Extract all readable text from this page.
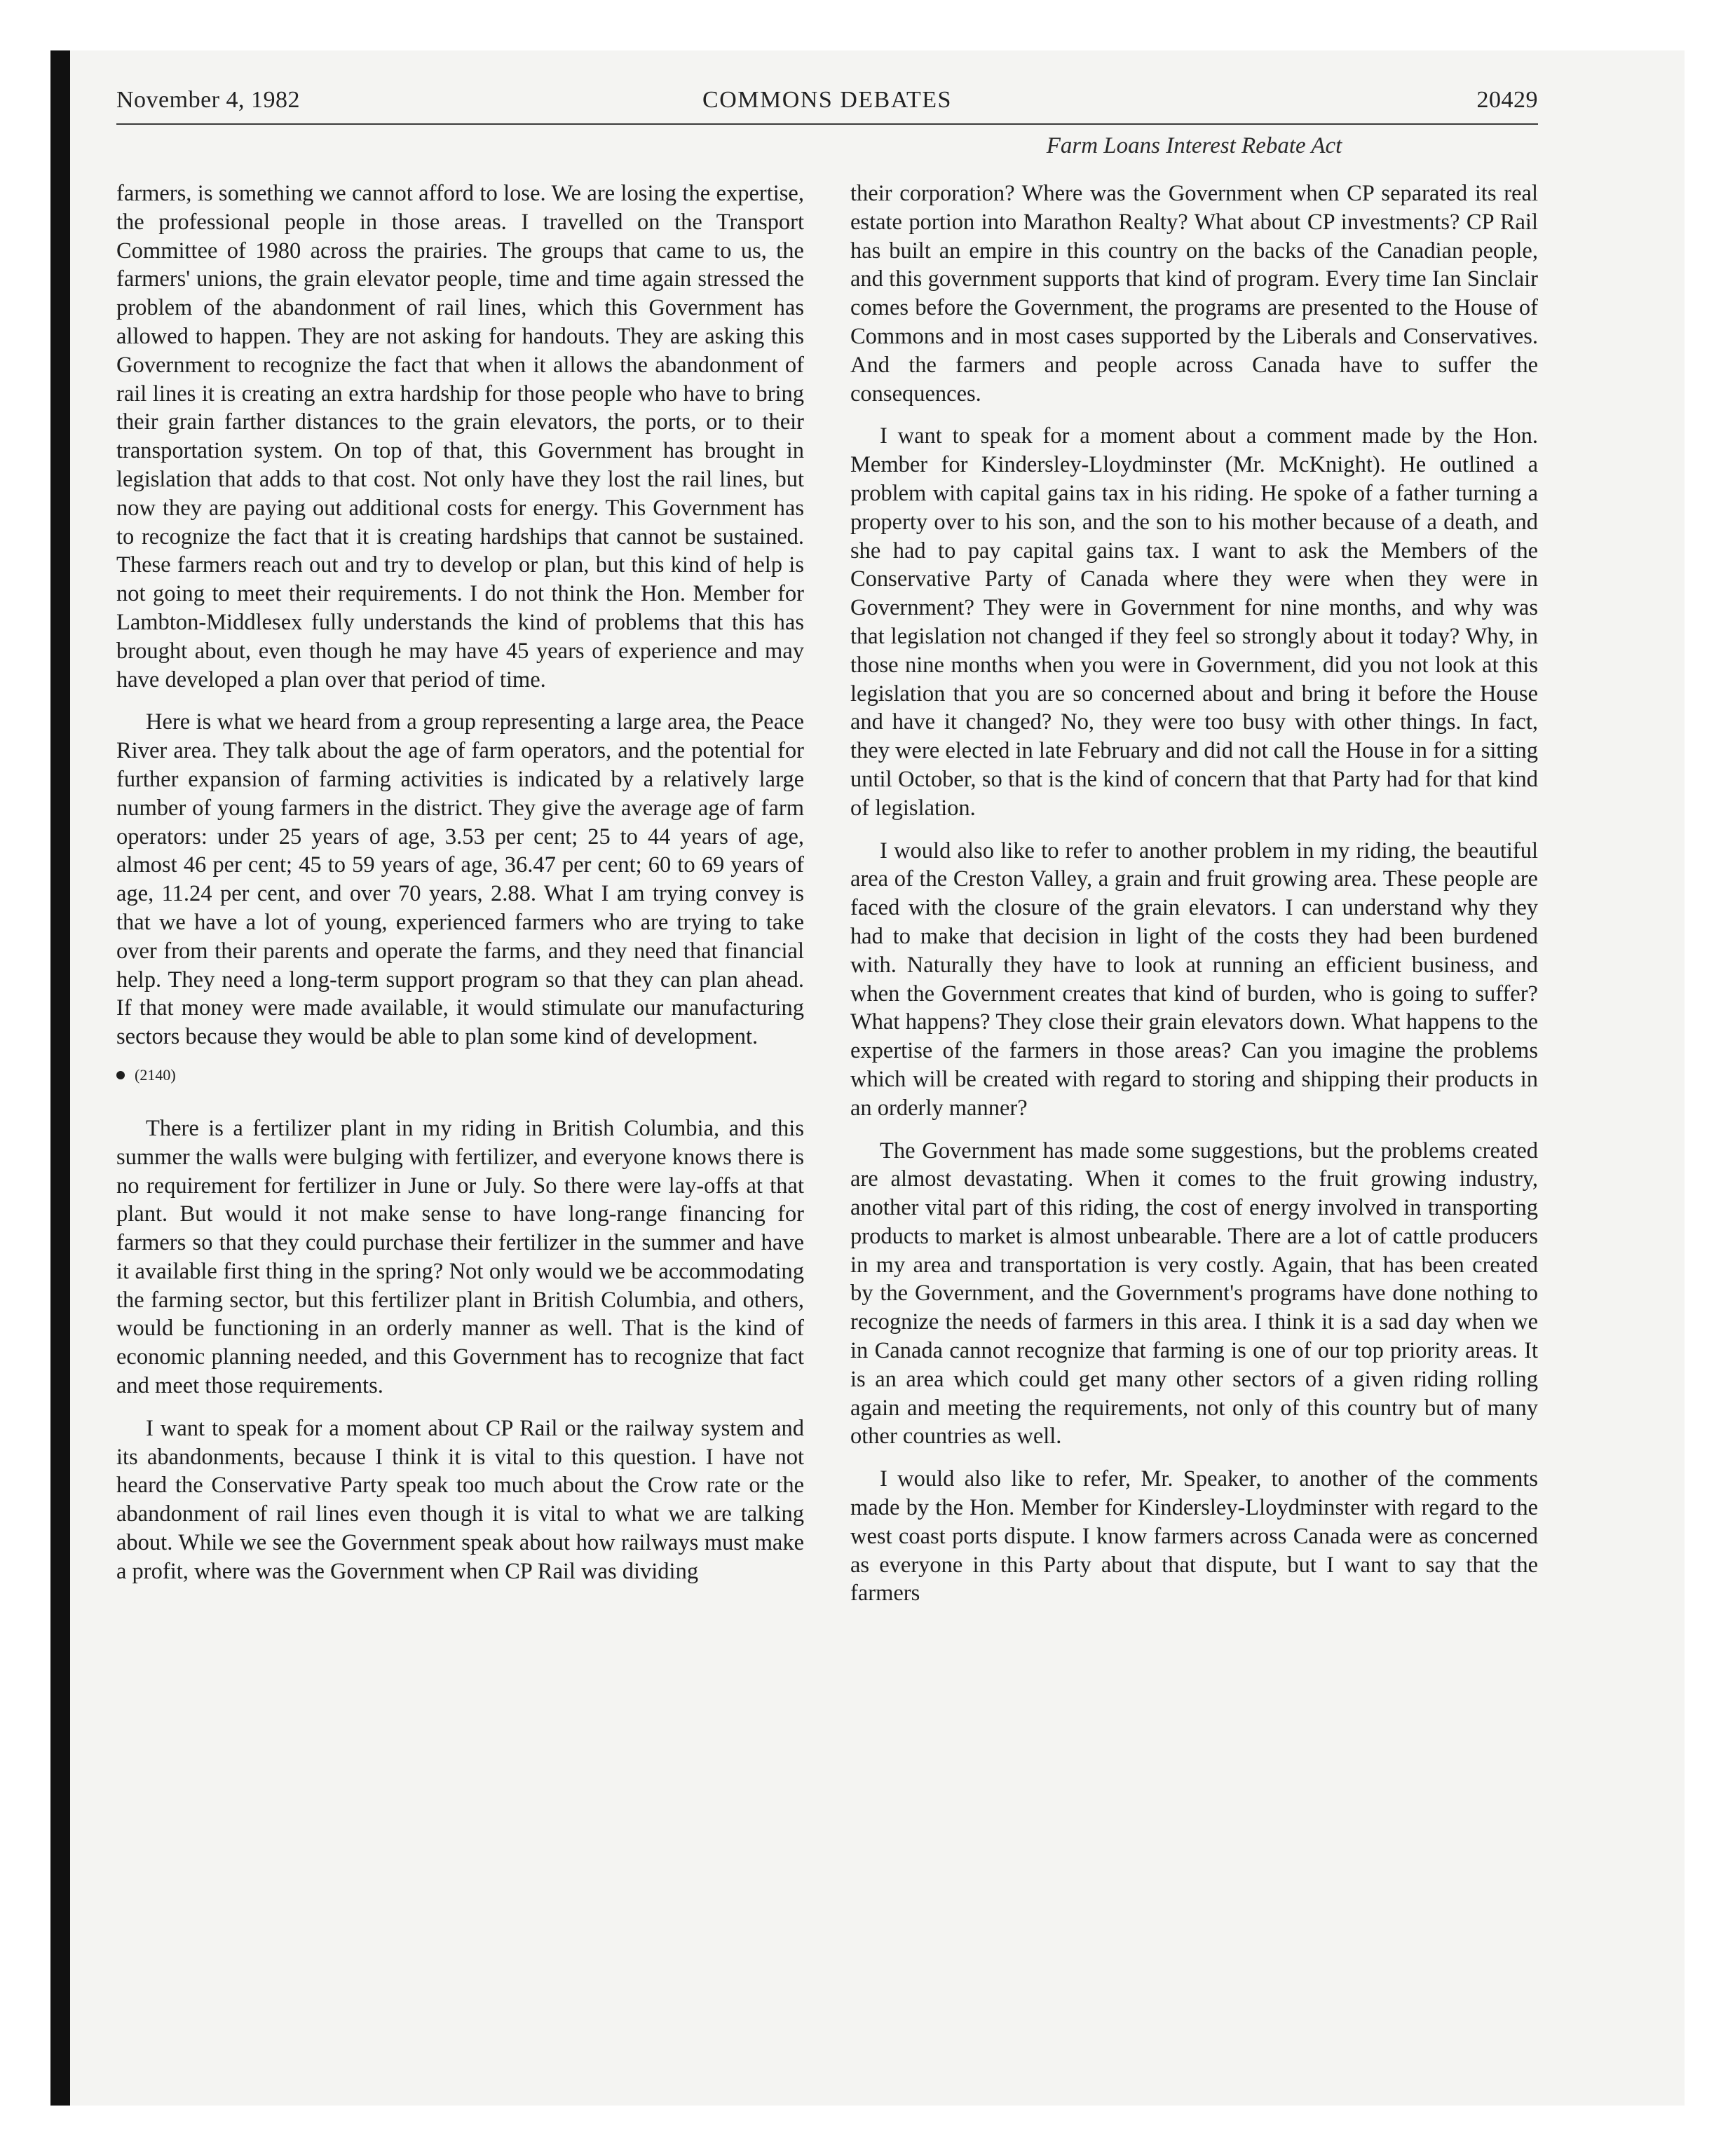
November 4, 1982	COMMONS DEBATES	20429
Farm Loans Interest Rebate Act

farmers, is something we cannot afford to lose. We are losing the expertise, the professional people in those areas. I travelled on the Transport Committee of 1980 across the prairies. The groups that came to us, the farmers' unions, the grain elevator people, time and time again stressed the problem of the abandonment of rail lines, which this Government has allowed to happen. They are not asking for handouts. They are asking this Government to recognize the fact that when it allows the abandonment of rail lines it is creating an extra hardship for those people who have to bring their grain farther distances to the grain elevators, the ports, or to their transportation system. On top of that, this Government has brought in legislation that adds to that cost. Not only have they lost the rail lines, but now they are paying out additional costs for energy. This Government has to recognize the fact that it is creating hardships that cannot be sustained. These farmers reach out and try to develop or plan, but this kind of help is not going to meet their requirements. I do not think the Hon. Member for Lambton-Middlesex fully understands the kind of problems that this has brought about, even though he may have 45 years of experience and may have developed a plan over that period of time.

Here is what we heard from a group representing a large area, the Peace River area. They talk about the age of farm operators, and the potential for further expansion of farming activities is indicated by a relatively large number of young farmers in the district. They give the average age of farm operators: under 25 years of age, 3.53 per cent; 25 to 44 years of age, almost 46 per cent; 45 to 59 years of age, 36.47 per cent; 60 to 69 years of age, 11.24 per cent, and over 70 years, 2.88. What I am trying convey is that we have a lot of young, experienced farmers who are trying to take over from their parents and operate the farms, and they need that financial help. They need a long-term support program so that they can plan ahead. If that money were made available, it would stimulate our manufacturing sectors because they would be able to plan some kind of development.

(2140)

There is a fertilizer plant in my riding in British Columbia, and this summer the walls were bulging with fertilizer, and everyone knows there is no requirement for fertilizer in June or July. So there were lay-offs at that plant. But would it not make sense to have long-range financing for farmers so that they could purchase their fertilizer in the summer and have it available first thing in the spring? Not only would we be accommodating the farming sector, but this fertilizer plant in British Columbia, and others, would be functioning in an orderly manner as well. That is the kind of economic planning needed, and this Government has to recognize that fact and meet those requirements.

I want to speak for a moment about CP Rail or the railway system and its abandonments, because I think it is vital to this question. I have not heard the Conservative Party speak too much about the Crow rate or the abandonment of rail lines even though it is vital to what we are talking about. While we see the Government speak about how railways must make a profit, where was the Government when CP Rail was dividing

their corporation? Where was the Government when CP separated its real estate portion into Marathon Realty? What about CP investments? CP Rail has built an empire in this country on the backs of the Canadian people, and this government supports that kind of program. Every time Ian Sinclair comes before the Government, the programs are presented to the House of Commons and in most cases supported by the Liberals and Conservatives. And the farmers and people across Canada have to suffer the consequences.

I want to speak for a moment about a comment made by the Hon. Member for Kindersley-Lloydminster (Mr. McKnight). He outlined a problem with capital gains tax in his riding. He spoke of a father turning a property over to his son, and the son to his mother because of a death, and she had to pay capital gains tax. I want to ask the Members of the Conservative Party of Canada where they were when they were in Government? They were in Government for nine months, and why was that legislation not changed if they feel so strongly about it today? Why, in those nine months when you were in Government, did you not look at this legislation that you are so concerned about and bring it before the House and have it changed? No, they were too busy with other things. In fact, they were elected in late February and did not call the House in for a sitting until October, so that is the kind of concern that that Party had for that kind of legislation.

I would also like to refer to another problem in my riding, the beautiful area of the Creston Valley, a grain and fruit growing area. These people are faced with the closure of the grain elevators. I can understand why they had to make that decision in light of the costs they had been burdened with. Naturally they have to look at running an efficient business, and when the Government creates that kind of burden, who is going to suffer? What happens? They close their grain elevators down. What happens to the expertise of the farmers in those areas? Can you imagine the problems which will be created with regard to storing and shipping their products in an orderly manner?

The Government has made some suggestions, but the problems created are almost devastating. When it comes to the fruit growing industry, another vital part of this riding, the cost of energy involved in transporting products to market is almost unbearable. There are a lot of cattle producers in my area and transportation is very costly. Again, that has been created by the Government, and the Government's programs have done nothing to recognize the needs of farmers in this area. I think it is a sad day when we in Canada cannot recognize that farming is one of our top priority areas. It is an area which could get many other sectors of a given riding rolling again and meeting the requirements, not only of this country but of many other countries as well.

I would also like to refer, Mr. Speaker, to another of the comments made by the Hon. Member for Kindersley-Lloydminster with regard to the west coast ports dispute. I know farmers across Canada were as concerned as everyone in this Party about that dispute, but I want to say that the farmers
